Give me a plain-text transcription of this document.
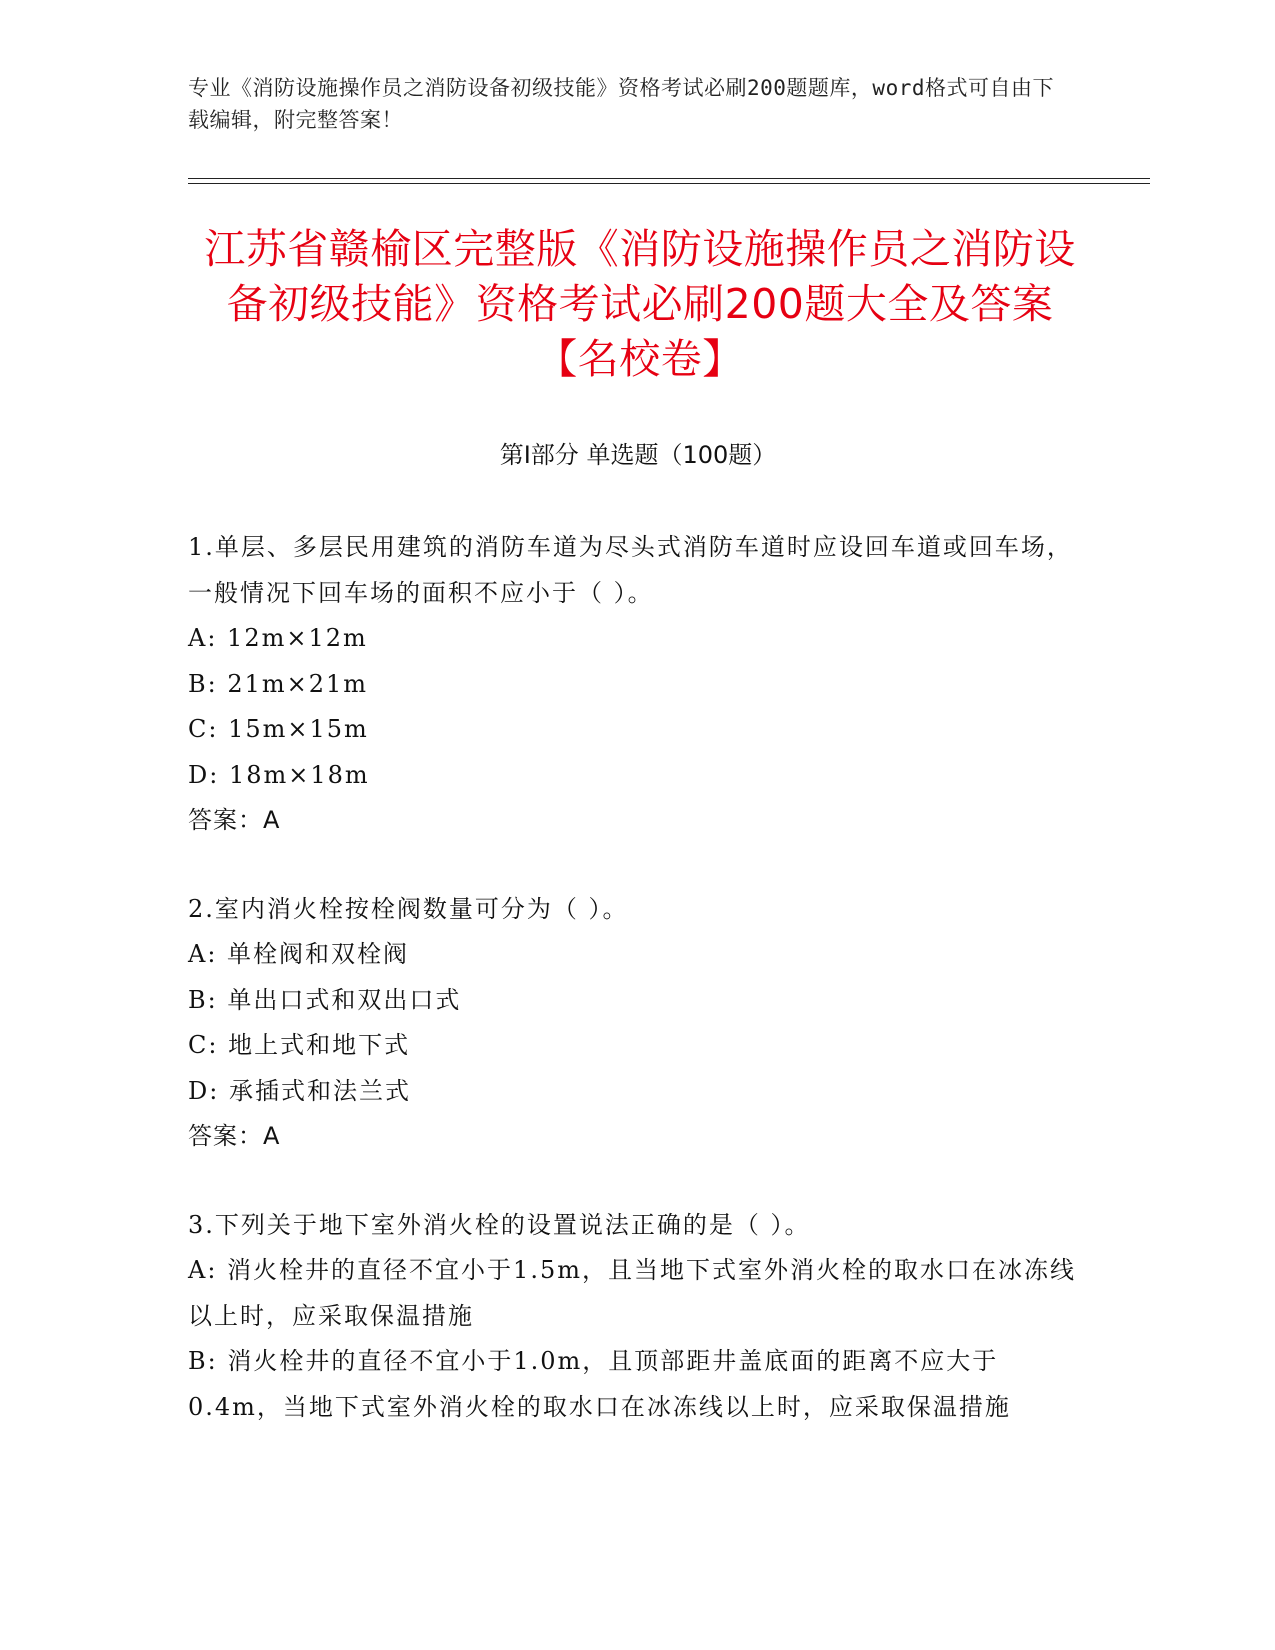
专业《消防设施操作员之消防设备初级技能》资格考试必刷200题题库，word格式可自由下载编辑，附完整答案！
江苏省赣榆区完整版《消防设施操作员之消防设备初级技能》资格考试必刷200题大全及答案【名校卷】
第I部分 单选题（100题）

1.单层、多层民用建筑的消防车道为尽头式消防车道时应设回车道或回车场，一般情况下回车场的面积不应小于（ ）。

A: 12m×12m

B: 21m×21m

C: 15m×15m

D: 18m×18m

答案：A

2.室内消火栓按栓阀数量可分为（ ）。

A: 单栓阀和双栓阀

B: 单出口式和双出口式

C: 地上式和地下式

D: 承插式和法兰式

答案：A

3.下列关于地下室外消火栓的设置说法正确的是（ ）。

A: 消火栓井的直径不宜小于1.5m，且当地下式室外消火栓的取水口在冰冻线以上时，应采取保温措施

B: 消火栓井的直径不宜小于1.0m，且顶部距井盖底面的距离不应大于0.4m，当地下式室外消火栓的取水口在冰冻线以上时，应采取保温措施
